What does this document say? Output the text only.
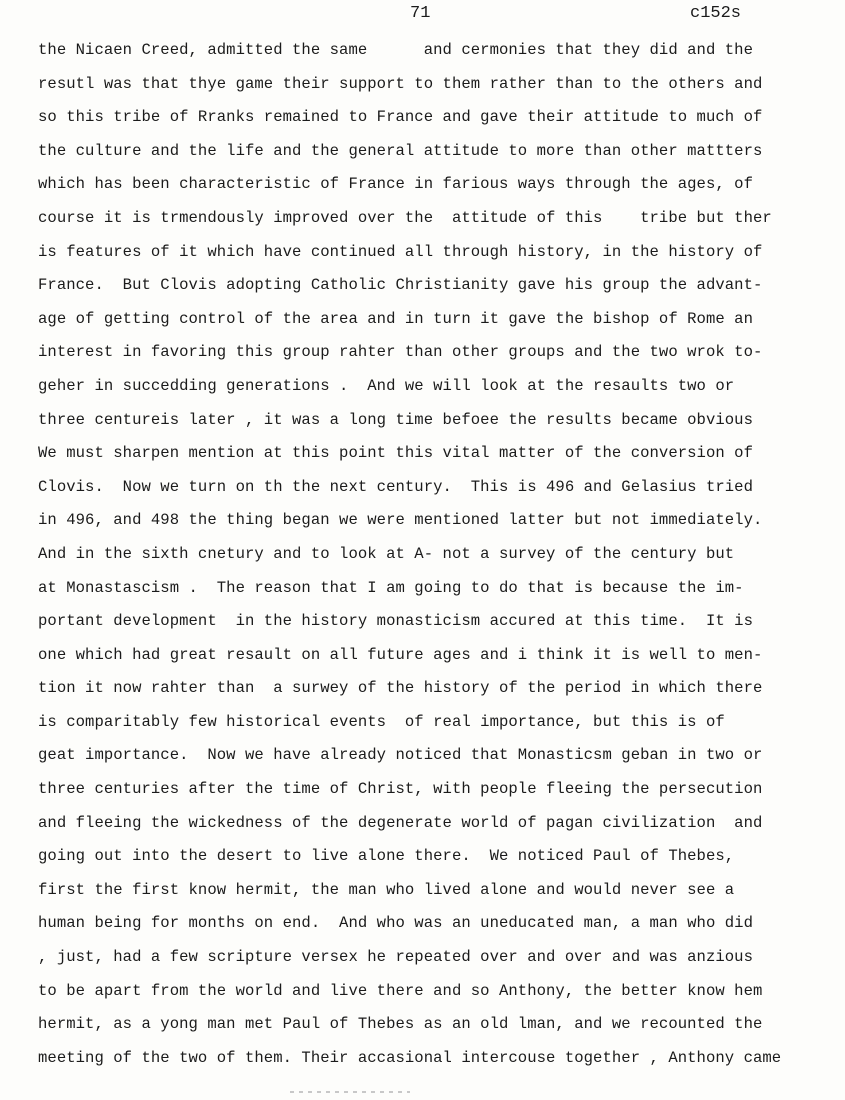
71	c152s
the Nicaen Creed, admitted the same      and cermonies that they did and the
resutl was that thye game their support to them rather than to the others and
so this tribe of Rranks remained to France and gave their attitude to much of
the culture and the life and the general attitude to more than other mattters
which has been characteristic of France in farious ways through the ages, of
course it is trmendously improved over the  attitude of this    tribe but ther
is features of it which have continued all through history, in the history of
France.  But Clovis adopting Catholic Christianity gave his group the advant-
age of getting control of the area and in turn it gave the bishop of Rome an
interest in favoring this group rahter than other groups and the two wrok to-
geher in succedding generations .  And we will look at the resaults two or
three centureis later , it was a long time befoee the results became obvious
We must sharpen mention at this point this vital matter of the conversion of
Clovis.  Now we turn on th the next century.  This is 496 and Gelasius tried
in 496, and 498 the thing began we were mentioned latter but not immediately.
And in the sixth cnetury and to look at A- not a survey of the century but
at Monastascism .  The reason that I am going to do that is because the im-
portant development  in the history monasticism accured at this time.  It is
one which had great resault on all future ages and i think it is well to men-
tion it now rahter than  a surwey of the history of the period in which there
is comparitably few historical events  of real importance, but this is of
geat importance.  Now we have already noticed that Monasticsm geban in two or
three centuries after the time of Christ, with people fleeing the persecution
and fleeing the wickedness of the degenerate world of pagan civilization  and
going out into the desert to live alone there.  We noticed Paul of Thebes,
first the first know hermit, the man who lived alone and would never see a
human being for months on end.  And who was an uneducated man, a man who did
, just, had a few scripture versex he repeated over and over and was anzious
to be apart from the world and live there and so Anthony, the better know hem
hermit, as a yong man met Paul of Thebes as an old lman, and we recounted the
meeting of the two of them. Their accasional intercouse together , Anthony came
